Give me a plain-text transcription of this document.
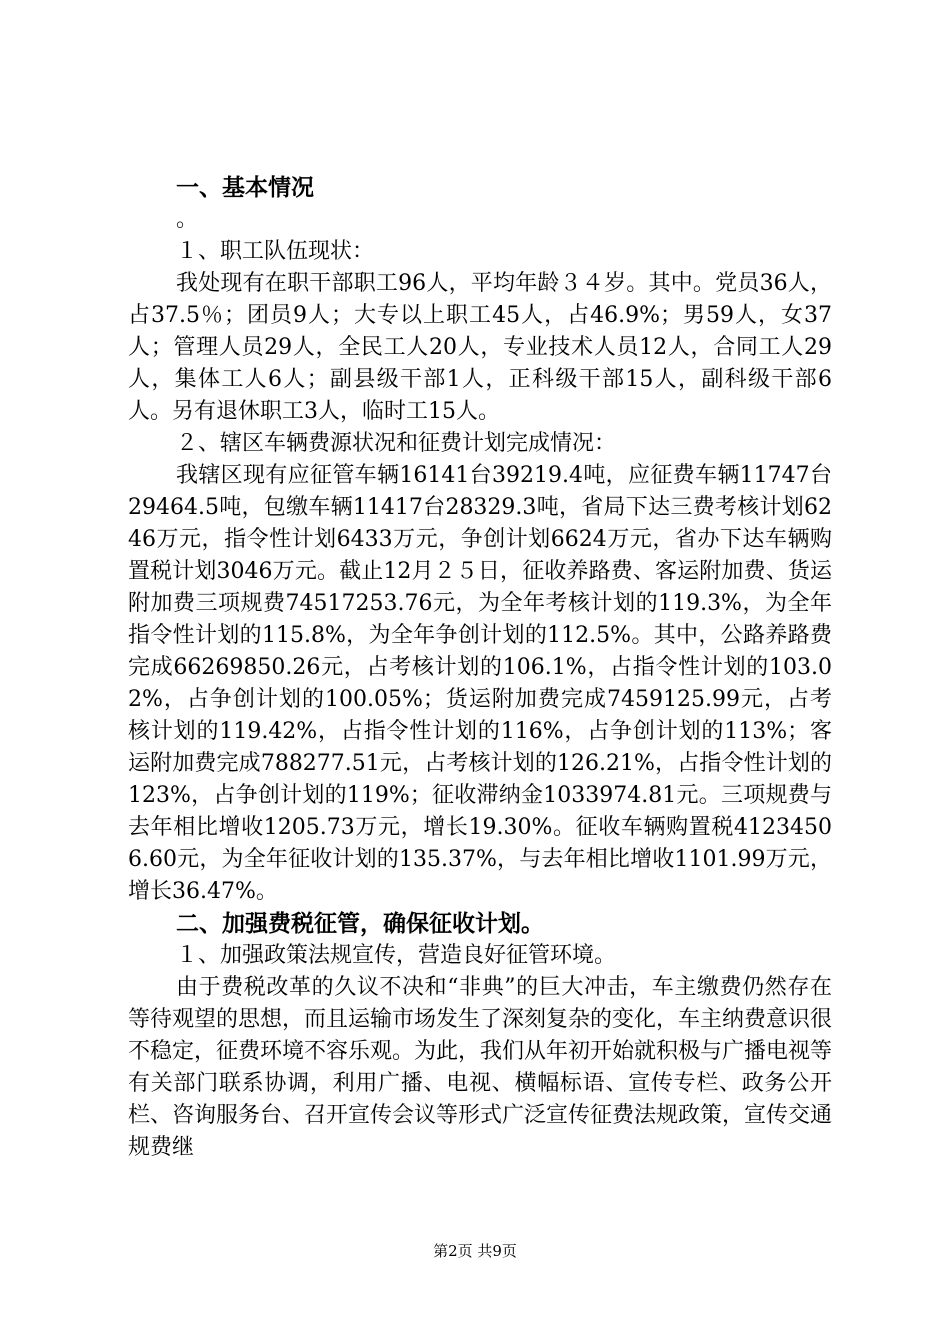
一、基本情况

。

１、职工队伍现状：

我处现有在职干部职工96人，平均年龄３４岁。其中。党员36人，占37.5％；团员9人；大专以上职工45人，占46.9%；男59人，女37人；管理人员29人，全民工人20人，专业技术人员12人，合同工人29人，集体工人6人；副县级干部1人，正科级干部15人，副科级干部6人。另有退休职工3人，临时工15人。

２、辖区车辆费源状况和征费计划完成情况：

我辖区现有应征管车辆16141台39219.4吨，应征费车辆11747台29464.5吨，包缴车辆11417台28329.3吨，省局下达三费考核计划6246万元，指令性计划6433万元，争创计划6624万元，省办下达车辆购置税计划3046万元。截止12月２５日，征收养路费、客运附加费、货运附加费三项规费74517253.76元，为全年考核计划的119.3%，为全年指令性计划的115.8%，为全年争创计划的112.5%。其中，公路养路费完成66269850.26元，占考核计划的106.1%，占指令性计划的103.02%，占争创计划的100.05%；货运附加费完成7459125.99元，占考核计划的119.42%，占指令性计划的116%，占争创计划的113%；客运附加费完成788277.51元，占考核计划的126.21%，占指令性计划的123%，占争创计划的119%；征收滞纳金1033974.81元。三项规费与去年相比增收1205.73万元，增长19.30%。征收车辆购置税41234506.60元，为全年征收计划的135.37%，与去年相比增收1101.99万元，增长36.47%。

二、加强费税征管，确保征收计划。

１、加强政策法规宣传，营造良好征管环境。

由于费税改革的久议不决和“非典”的巨大冲击，车主缴费仍然存在等待观望的思想，而且运输市场发生了深刻复杂的变化，车主纳费意识很不稳定，征费环境不容乐观。为此，我们从年初开始就积极与广播电视等有关部门联系协调，利用广播、电视、横幅标语、宣传专栏、政务公开栏、咨询服务台、召开宣传会议等形式广泛宣传征费法规政策，宣传交通规费继

第2页 共9页
